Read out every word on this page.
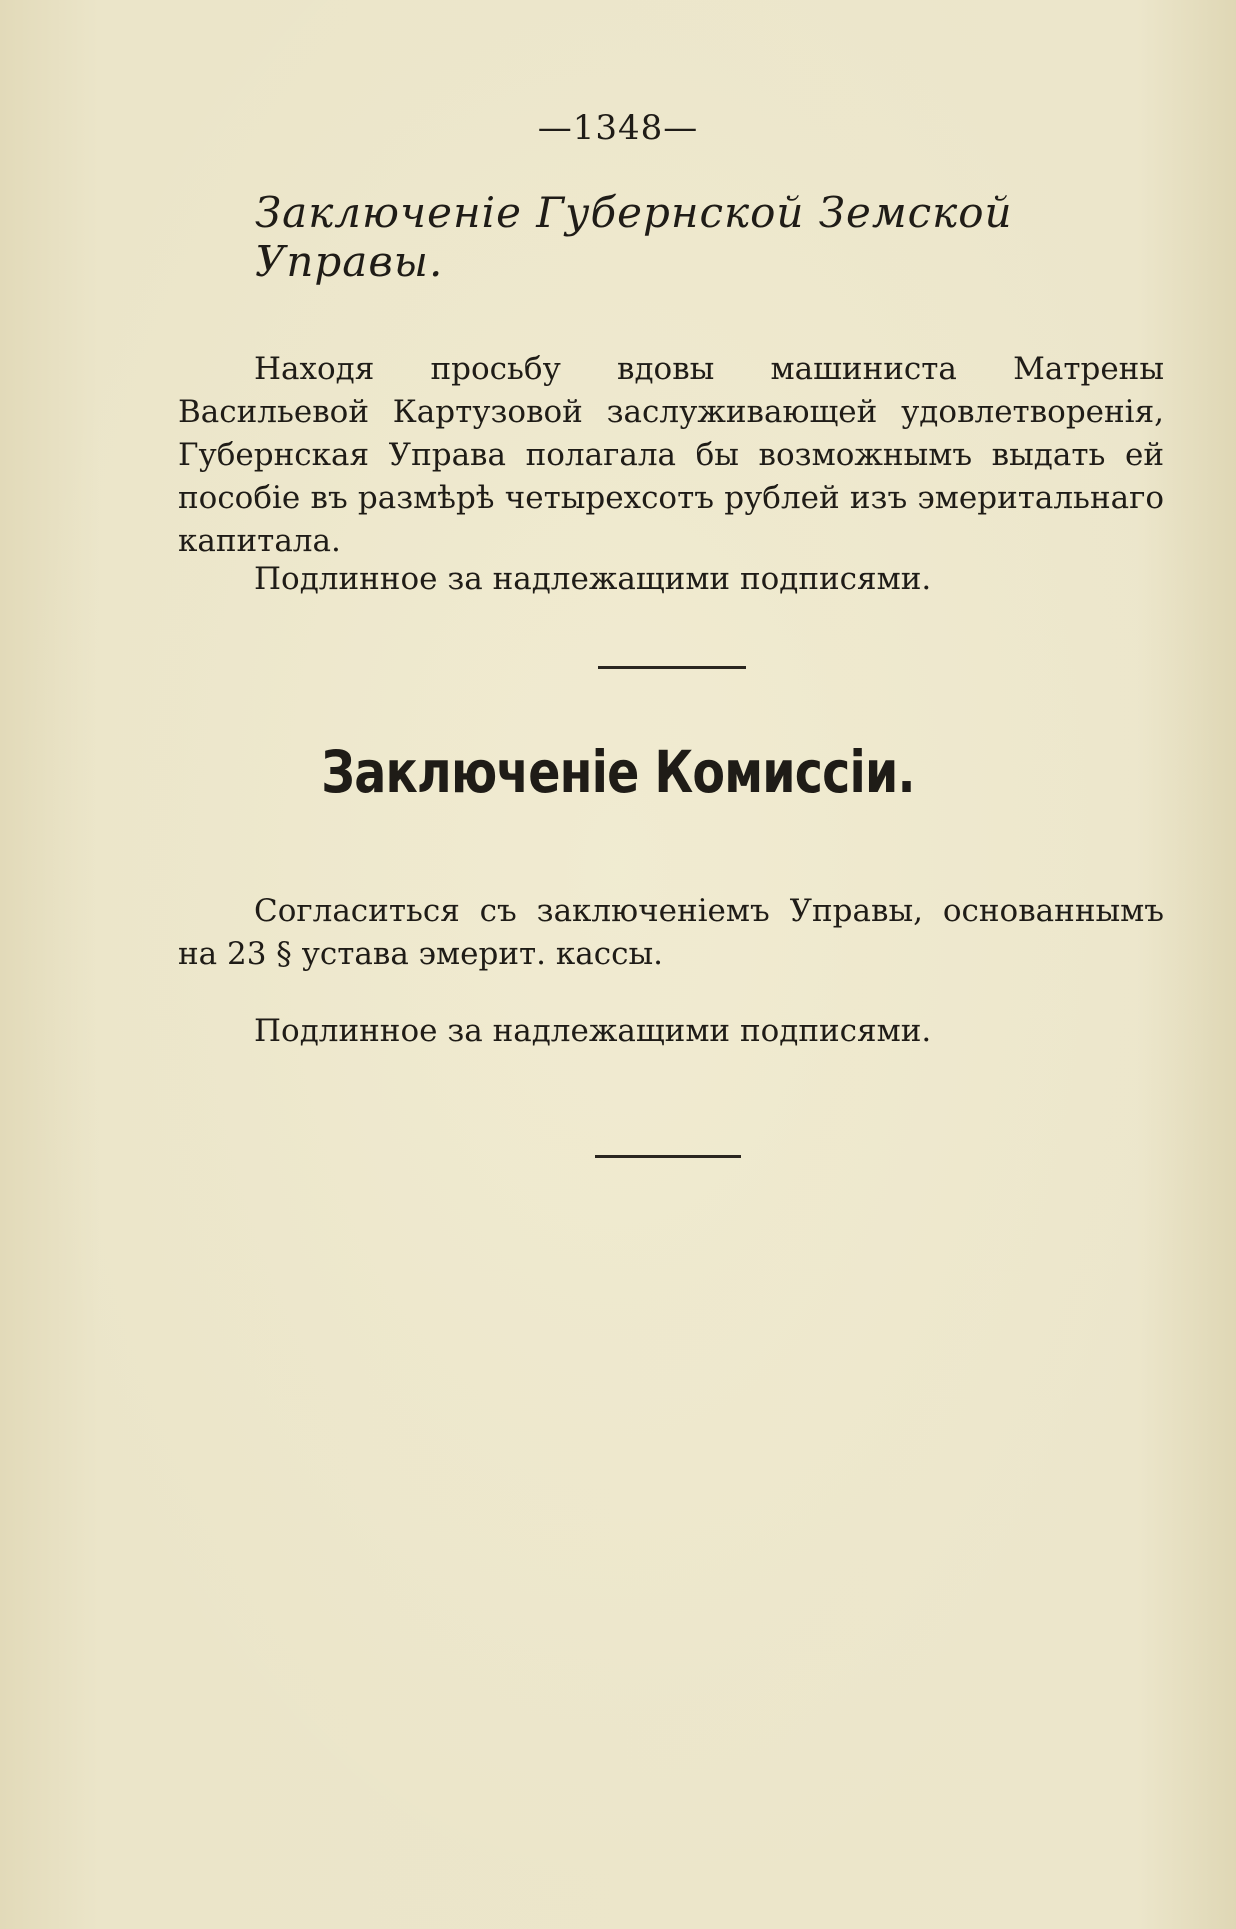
—1348—
Заключеніе Губернской Земской Управы.
Находя просьбу вдовы машиниста Матрены Васильевой Картузовой заслуживающей удовлетворенія, Губернская Управа полагала бы возможнымъ выдать ей пособіе въ размѣрѣ четырехсотъ рублей изъ эмеритальнаго капитала.
Подлинное за надлежащими подписями.
Заключеніе Комиссіи.
Согласиться съ заключеніемъ Управы, основаннымъ на 23 § устава эмерит. кассы.
Подлинное за надлежащими подписями.
